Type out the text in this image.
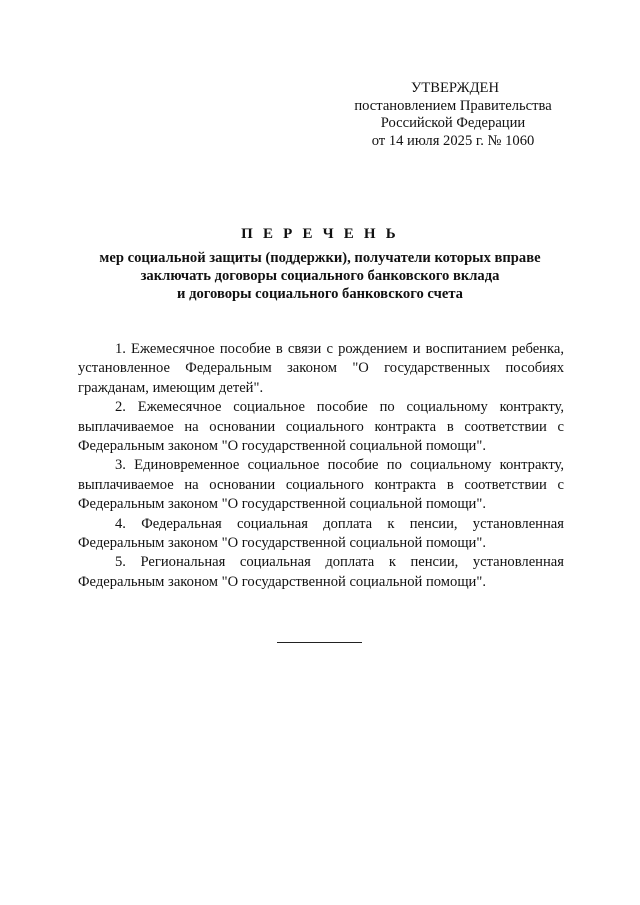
УТВЕРЖДЕН
постановлением Правительства
Российской Федерации
от 14 июля 2025 г. № 1060
П Е Р Е Ч Е Н Ь
мер социальной защиты (поддержки), получатели которых вправе
заключать договоры социального банковского вклада
и договоры социального банковского счета

1. Ежемесячное пособие в связи с рождением и воспитанием ребенка, установленное Федеральным законом "О государственных пособиях гражданам, имеющим детей".

2. Ежемесячное социальное пособие по социальному контракту, выплачиваемое на основании социального контракта в соответствии с Федеральным законом "О государственной социальной помощи".

3. Единовременное социальное пособие по социальному контракту, выплачиваемое на основании социального контракта в соответствии с Федеральным законом "О государственной социальной помощи".

4. Федеральная социальная доплата к пенсии, установленная Федеральным законом "О государственной социальной помощи".

5. Региональная социальная доплата к пенсии, установленная Федеральным законом "О государственной социальной помощи".
